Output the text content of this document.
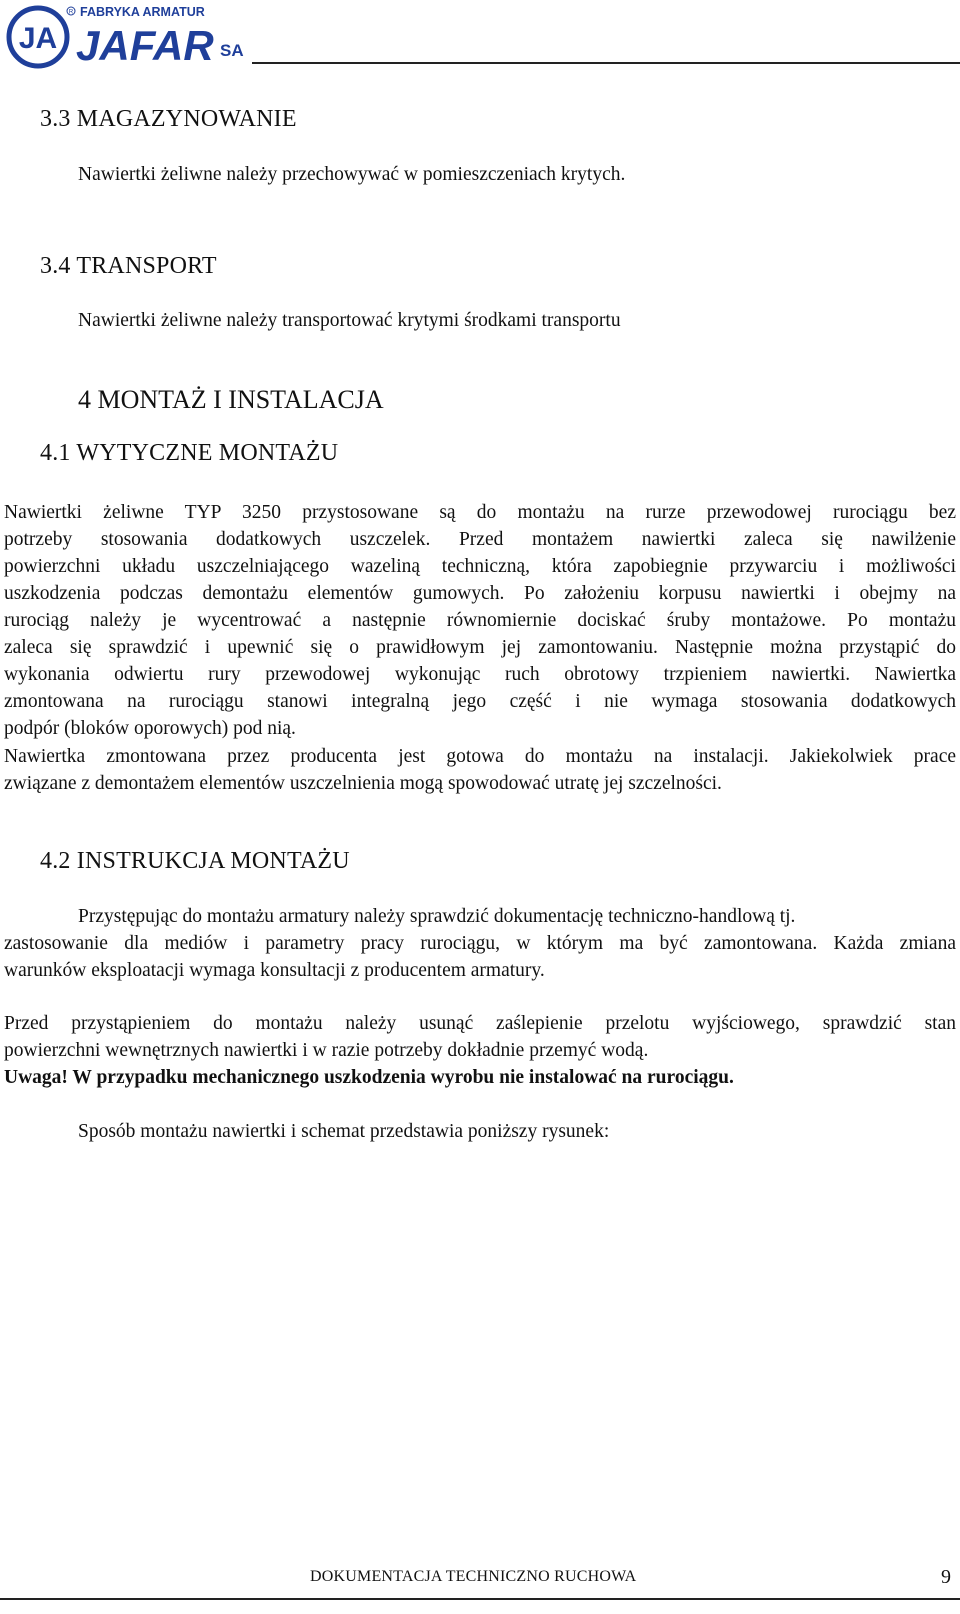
JA
R FABRYKA ARMATUR
JAFAR SA
3.3 MAGAZYNOWANIE
Nawiertki żeliwne należy przechowywać w pomieszczeniach krytych.
3.4 TRANSPORT
Nawiertki żeliwne należy transportować krytymi środkami transportu
4 MONTAŻ I INSTALACJA
4.1 WYTYCZNE MONTAŻU
Nawiertki żeliwne TYP 3250 przystosowane są do montażu na rurze przewodowej rurociągu bez
potrzeby stosowania dodatkowych uszczelek. Przed montażem nawiertki zaleca się nawilżenie
powierzchni układu uszczelniającego wazeliną techniczną, która zapobiegnie przywarciu i możliwości
uszkodzenia podczas demontażu elementów gumowych. Po założeniu korpusu nawiertki i obejmy na
rurociąg należy je wycentrować a następnie równomiernie dociskać śruby montażowe. Po montażu
zaleca się sprawdzić i upewnić się o prawidłowym jej zamontowaniu. Następnie można przystąpić do
wykonania odwiertu rury przewodowej wykonując ruch obrotowy trzpieniem nawiertki. Nawiertka
zmontowana na rurociągu stanowi integralną jego część i nie wymaga stosowania dodatkowych
podpór (bloków oporowych) pod nią.
Nawiertka zmontowana przez producenta jest gotowa do montażu na instalacji. Jakiekolwiek prace
związane z demontażem elementów uszczelnienia mogą spowodować utratę jej szczelności.
4.2 INSTRUKCJA MONTAŻU
Przystępując do montażu armatury należy sprawdzić dokumentację techniczno-handlową tj.
zastosowanie dla mediów i parametry pracy rurociągu, w którym ma być zamontowana. Każda zmiana
warunków eksploatacji wymaga konsultacji z producentem armatury.
Przed przystąpieniem do montażu należy usunąć zaślepienie przelotu wyjściowego, sprawdzić stan
powierzchni wewnętrznych nawiertki i w razie potrzeby dokładnie przemyć wodą.
Uwaga! W przypadku mechanicznego uszkodzenia wyrobu nie instalować na rurociągu.
Sposób montażu nawiertki i schemat przedstawia poniższy rysunek:
DOKUMENTACJA TECHNICZNO RUCHOWA	9
